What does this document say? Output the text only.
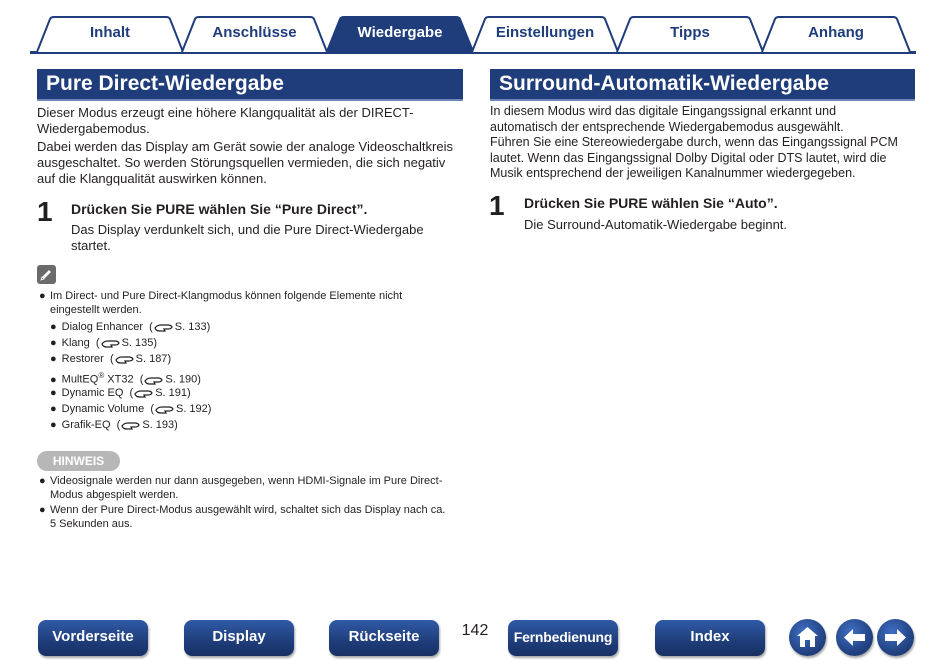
Inhalt	Anschlüsse	Wiedergabe	Einstellungen	Tipps	Anhang
Pure Direct-Wiedergabe
Dieser Modus erzeugt eine höhere Klangqualität als der DIRECT-
Wiedergabemodus.
Dabei werden das Display am Gerät sowie der analoge Videoschaltkreis
ausgeschaltet. So werden Störungsquellen vermieden, die sich negativ
auf die Klangqualität auswirken können.
1 Drücken Sie PURE wählen Sie “Pure Direct”.
Das Display verdunkelt sich, und die Pure Direct-Wiedergabe
startet.
● Im Direct- und Pure Direct-Klangmodus können folgende Elemente nicht
eingestellt werden.
● Dialog Enhancer  ( S. 133)
● Klang  ( S. 135)
● Restorer  ( S. 187)
● MultEQ® XT32  ( S. 190)
● Dynamic EQ  ( S. 191)
● Dynamic Volume  ( S. 192)
● Grafik-EQ  ( S. 193)
HINWEIS
● Videosignale werden nur dann ausgegeben, wenn HDMI-Signale im Pure Direct-
Modus abgespielt werden.
● Wenn der Pure Direct-Modus ausgewählt wird, schaltet sich das Display nach ca.
5 Sekunden aus.
Surround-Automatik-Wiedergabe
In diesem Modus wird das digitale Eingangssignal erkannt und
automatisch der entsprechende Wiedergabemodus ausgewählt.
Führen Sie eine Stereowiedergabe durch, wenn das Eingangssignal PCM
lautet. Wenn das Eingangssignal Dolby Digital oder DTS lautet, wird die
Musik entsprechend der jeweiligen Kanalnummer wiedergegeben.
1 Drücken Sie PURE wählen Sie “Auto”.
Die Surround-Automatik-Wiedergabe beginnt.
Vorderseite	Display	Rückseite	142	Fernbedienung	Index
